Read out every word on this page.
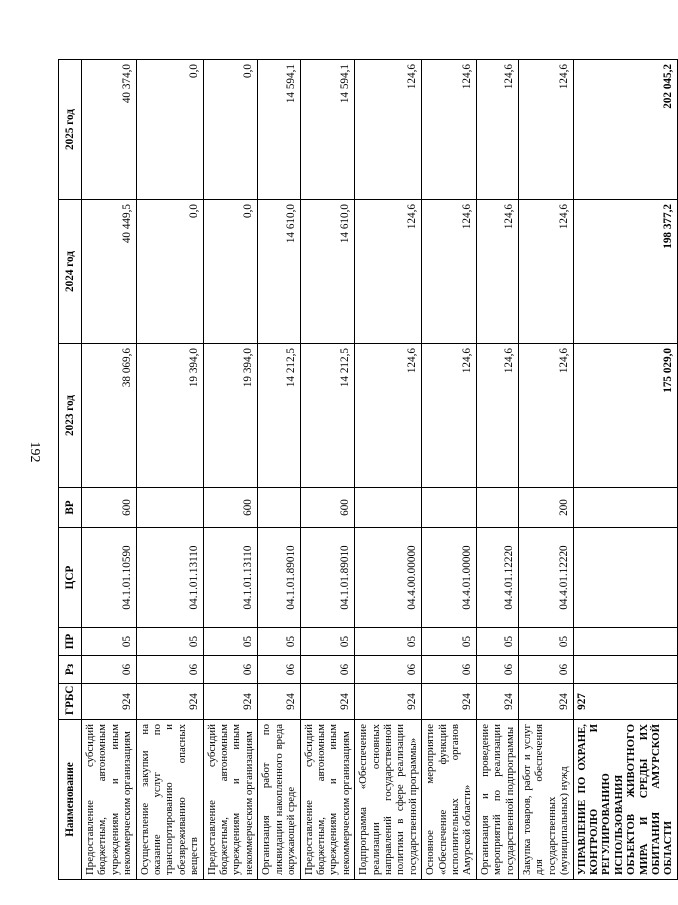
192
Наименование	ГРБС	Рз	ПР	ЦСР	ВР	2023 год	2024 год	2025 год
Предоставление субсидий бюджетным, автономным учреждениям и иным некоммерческим организациям	924	06	05	04.1.01.10590	600	38 069,6	40 449,5	40 374,0
Осуществление закупки на оказание услуг по транспортированию и обезвреживанию опасных веществ	924	06	05	04.1.01.13110		19 394,0	0,0	0,0
Предоставление субсидий бюджетным, автономным учреждениям и иным некоммерческим организациям	924	06	05	04.1.01.13110	600	19 394,0	0,0	0,0
Организация работ по ликвидации накопленного вреда окружающей среде	924	06	05	04.1.01.89010		14 212,5	14 610,0	14 594,1
Предоставление субсидий бюджетным, автономным учреждениям и иным некоммерческим организациям	924	06	05	04.1.01.89010	600	14 212,5	14 610,0	14 594,1
Подпрограмма «Обеспечение реализации основных направлений государственной политики в сфере реализации государственной программы»	924	06	05	04.4.00.00000		124,6	124,6	124,6
Основное мероприятие «Обеспечение функций исполнительных органов Амурской области»	924	06	05	04.4.01.00000		124,6	124,6	124,6
Организация и проведение мероприятий по реализации государственной подпрограммы	924	06	05	04.4.01.12220		124,6	124,6	124,6
Закупка товаров, работ и услуг для обеспечения государственных (муниципальных) нужд	924	06	05	04.4.01.12220	200	124,6	124,6	124,6
УПРАВЛЕНИЕ ПО ОХРАНЕ, КОНТРОЛЮ И РЕГУЛИРОВАНИЮ ИСПОЛЬЗОВАНИЯ ОБЪЕКТОВ ЖИВОТНОГО МИРА И СРЕДЫ ИХ ОБИТАНИЯ АМУРСКОЙ ОБЛАСТИ	927					175 029,0	198 377,2	202 045,2
